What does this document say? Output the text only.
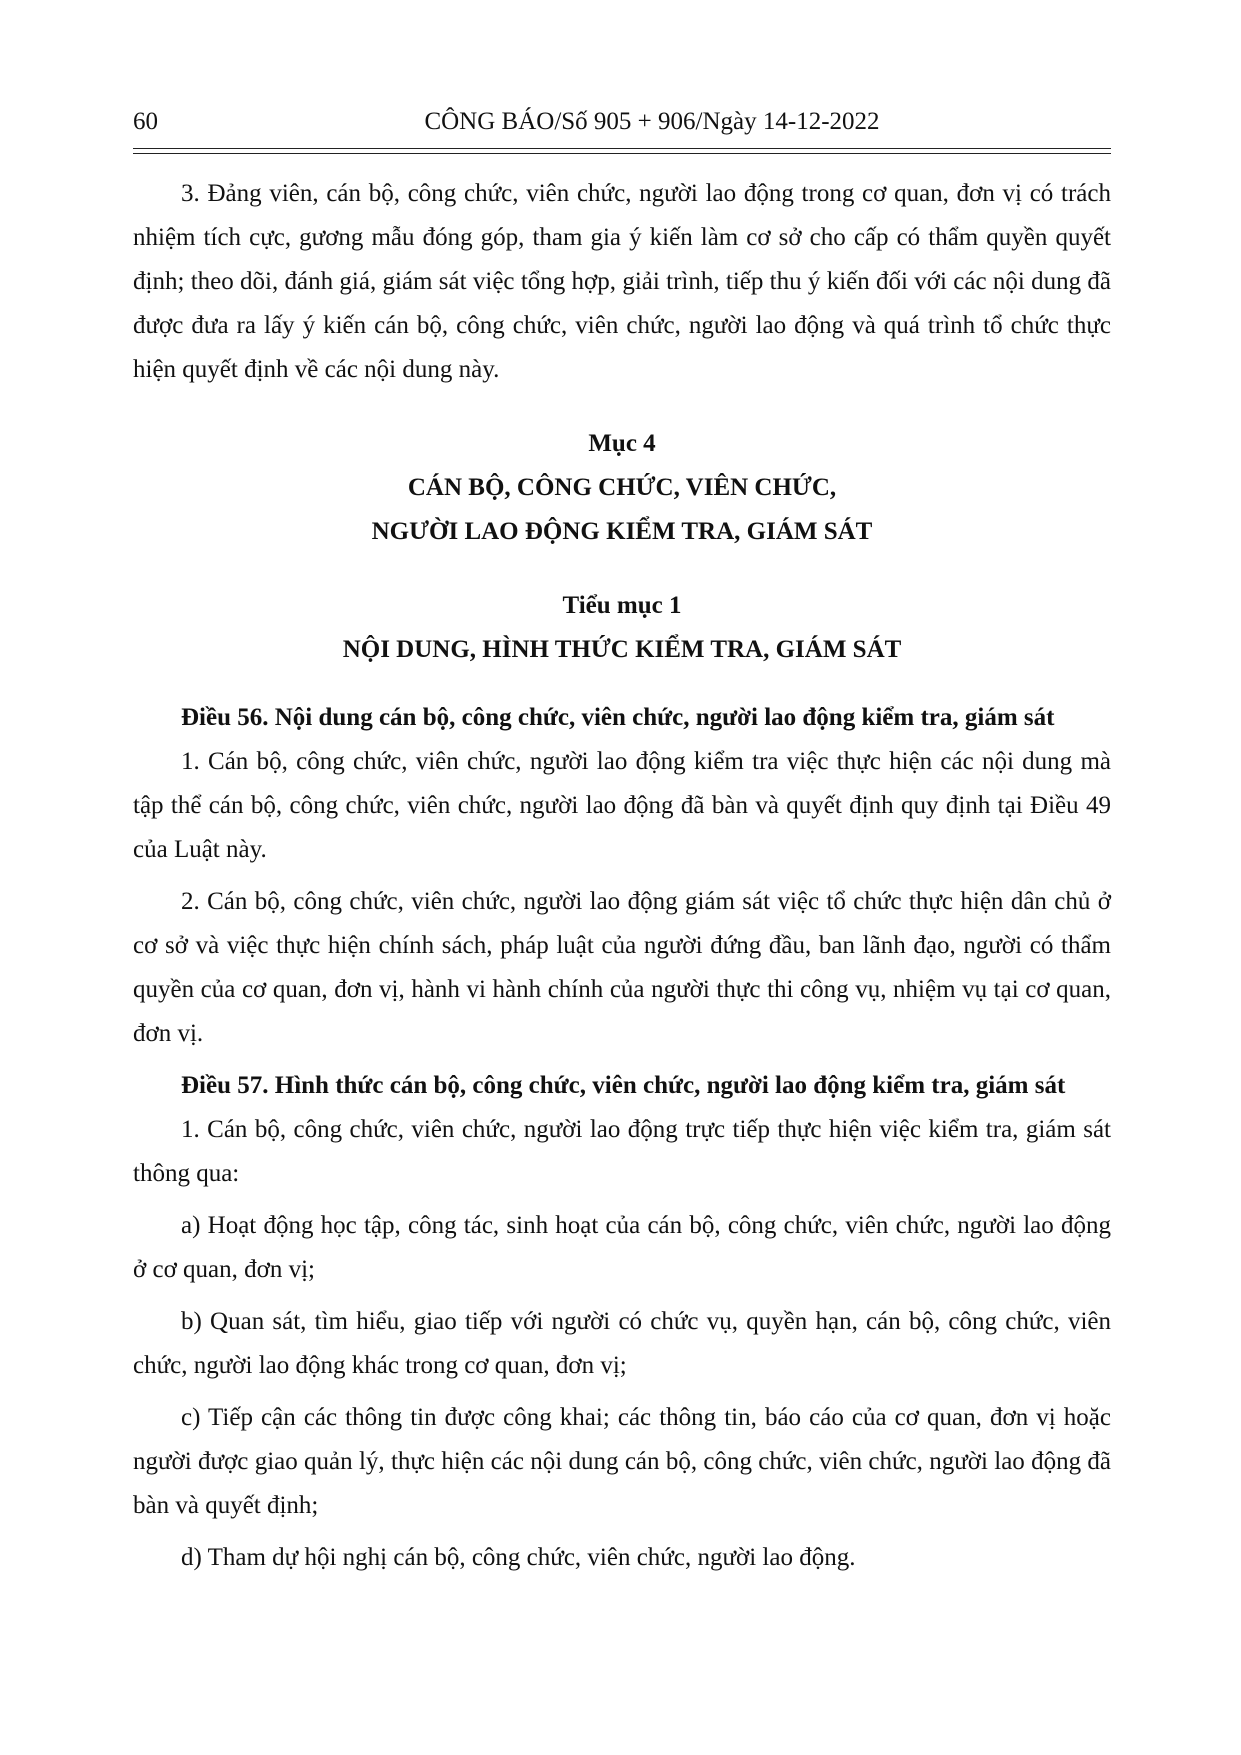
60	CÔNG BÁO/Số 905 + 906/Ngày 14-12-2022

3. Đảng viên, cán bộ, công chức, viên chức, người lao động trong cơ quan, đơn vị có trách nhiệm tích cực, gương mẫu đóng góp, tham gia ý kiến làm cơ sở cho cấp có thẩm quyền quyết định; theo dõi, đánh giá, giám sát việc tổng hợp, giải trình, tiếp thu ý kiến đối với các nội dung đã được đưa ra lấy ý kiến cán bộ, công chức, viên chức, người lao động và quá trình tổ chức thực hiện quyết định về các nội dung này.

Mục 4
CÁN BỘ, CÔNG CHỨC, VIÊN CHỨC,
NGƯỜI LAO ĐỘNG KIỂM TRA, GIÁM SÁT
Tiểu mục 1
NỘI DUNG, HÌNH THỨC KIỂM TRA, GIÁM SÁT

Điều 56. Nội dung cán bộ, công chức, viên chức, người lao động kiểm tra, giám sát

1. Cán bộ, công chức, viên chức, người lao động kiểm tra việc thực hiện các nội dung mà tập thể cán bộ, công chức, viên chức, người lao động đã bàn và quyết định quy định tại Điều 49 của Luật này.

2. Cán bộ, công chức, viên chức, người lao động giám sát việc tổ chức thực hiện dân chủ ở cơ sở và việc thực hiện chính sách, pháp luật của người đứng đầu, ban lãnh đạo, người có thẩm quyền của cơ quan, đơn vị, hành vi hành chính của người thực thi công vụ, nhiệm vụ tại cơ quan, đơn vị.

Điều 57. Hình thức cán bộ, công chức, viên chức, người lao động kiểm tra, giám sát

1. Cán bộ, công chức, viên chức, người lao động trực tiếp thực hiện việc kiểm tra, giám sát thông qua:

a) Hoạt động học tập, công tác, sinh hoạt của cán bộ, công chức, viên chức, người lao động ở cơ quan, đơn vị;

b) Quan sát, tìm hiểu, giao tiếp với người có chức vụ, quyền hạn, cán bộ, công chức, viên chức, người lao động khác trong cơ quan, đơn vị;

c) Tiếp cận các thông tin được công khai; các thông tin, báo cáo của cơ quan, đơn vị hoặc người được giao quản lý, thực hiện các nội dung cán bộ, công chức, viên chức, người lao động đã bàn và quyết định;

d) Tham dự hội nghị cán bộ, công chức, viên chức, người lao động.
